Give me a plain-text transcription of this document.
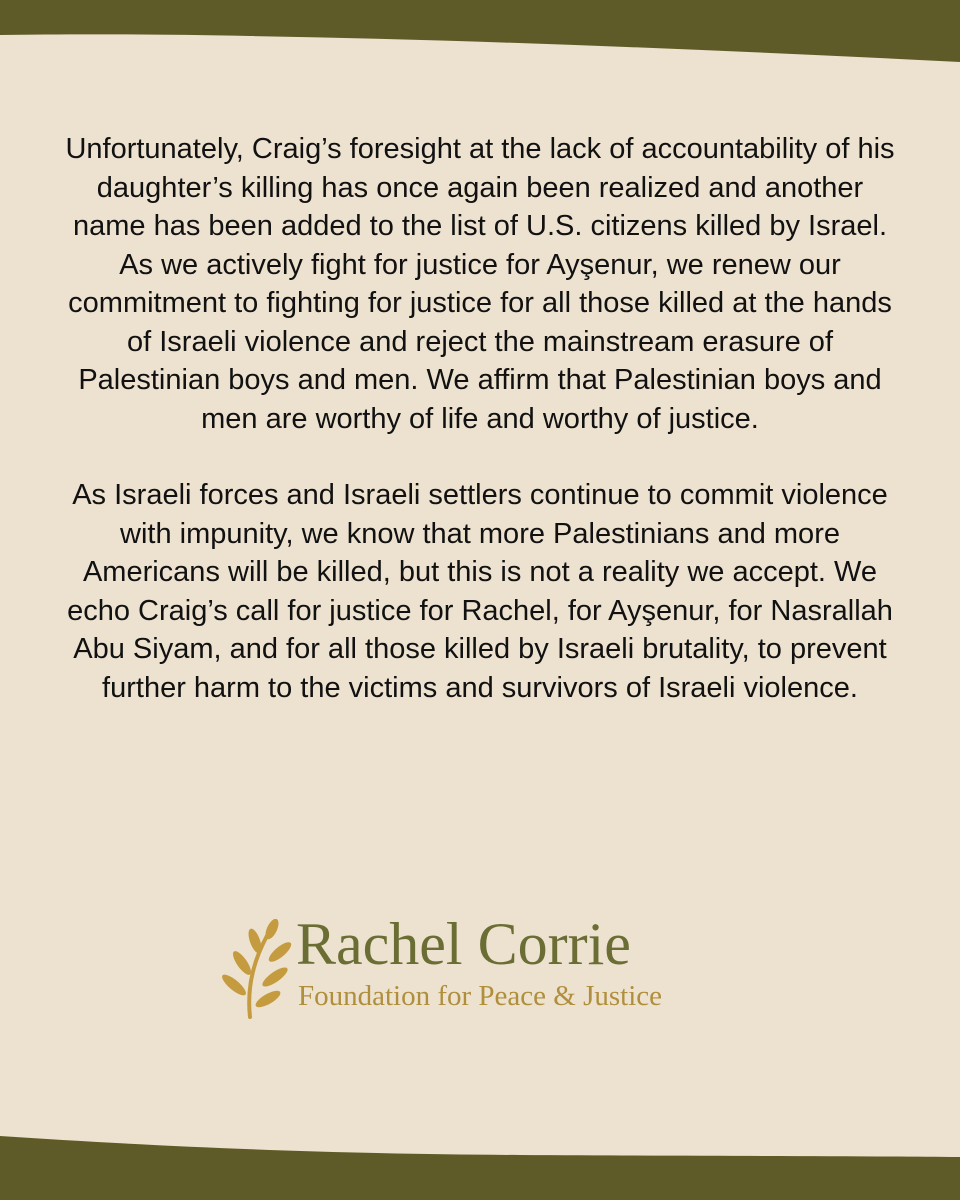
Unfortunately, Craig’s foresight at the lack of accountability of his daughter’s killing has once again been realized and another name has been added to the list of U.S. citizens killed by Israel. As we actively fight for justice for Ayşenur, we renew our commitment to fighting for justice for all those killed at the hands of Israeli violence and reject the mainstream erasure of Palestinian boys and men. We affirm that Palestinian boys and men are worthy of life and worthy of justice.

As Israeli forces and Israeli settlers continue to commit violence with impunity, we know that more Palestinians and more Americans will be killed, but this is not a reality we accept. We echo Craig’s call for justice for Rachel, for Ayşenur, for Nasrallah Abu Siyam, and for all those killed by Israeli brutality, to prevent further harm to the victims and survivors of Israeli violence.

Rachel Corrie
Foundation for Peace & Justice
